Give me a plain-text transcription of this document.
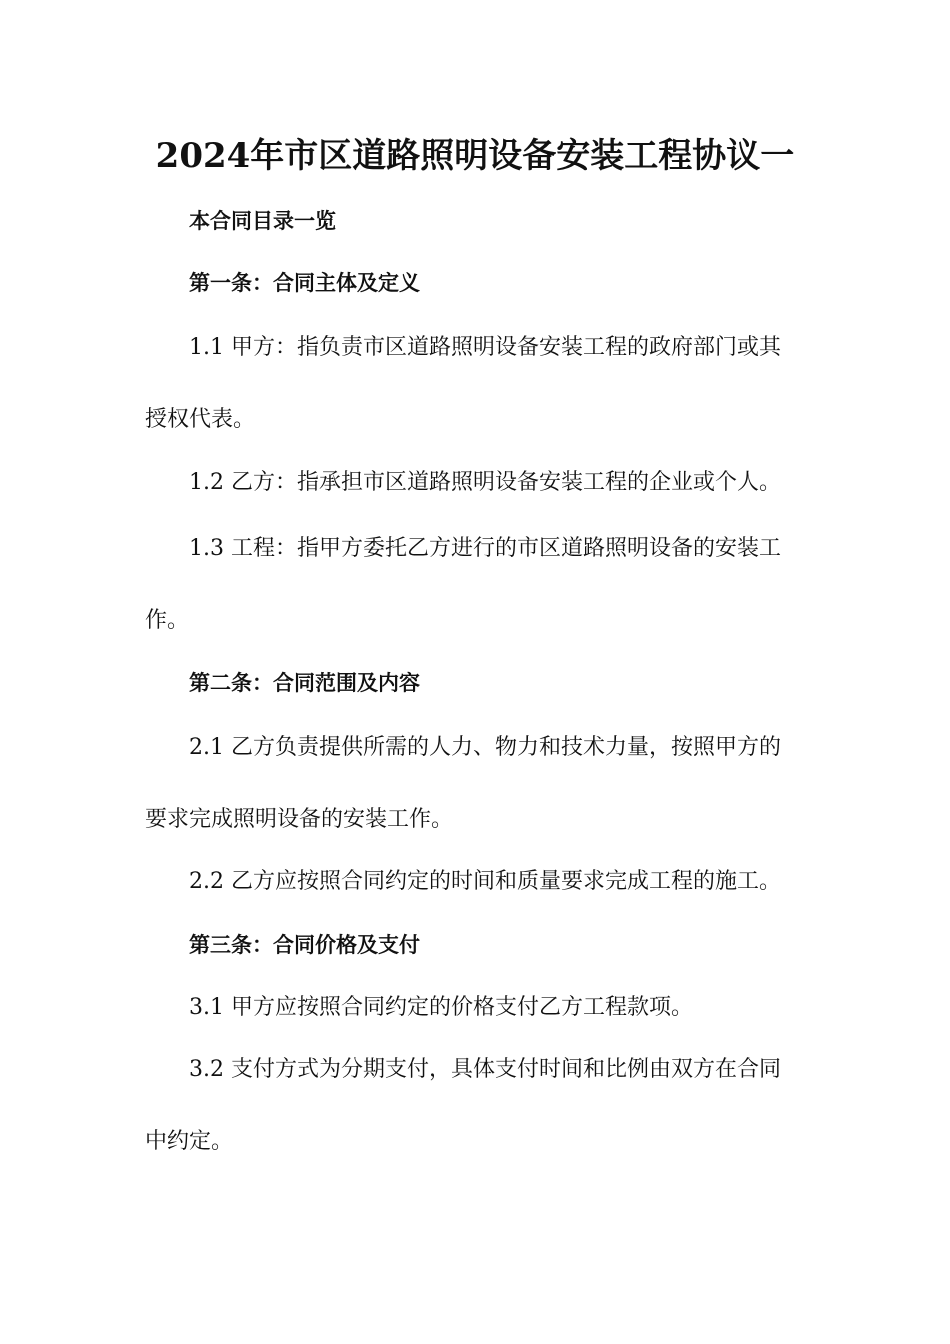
2024年市区道路照明设备安装工程协议一
本合同目录一览
第一条：合同主体及定义
1.1 甲方：指负责市区道路照明设备安装工程的政府部门或其
授权代表。
1.2 乙方：指承担市区道路照明设备安装工程的企业或个人。
1.3 工程：指甲方委托乙方进行的市区道路照明设备的安装工
作。
第二条：合同范围及内容
2.1 乙方负责提供所需的人力、物力和技术力量，按照甲方的
要求完成照明设备的安装工作。
2.2 乙方应按照合同约定的时间和质量要求完成工程的施工。
第三条：合同价格及支付
3.1 甲方应按照合同约定的价格支付乙方工程款项。
3.2 支付方式为分期支付，具体支付时间和比例由双方在合同
中约定。
